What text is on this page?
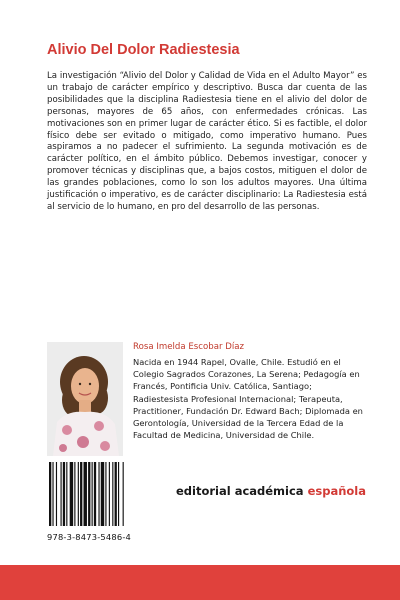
Alivio Del Dolor Radiestesia

La investigación “Alivio del Dolor y Calidad de Vida en el Adulto Mayor” es un trabajo de carácter empírico y descriptivo. Busca dar cuenta de las posibilidades que la disciplina Radiestesia tiene en el alivio del dolor de personas, mayores de 65 años, con enfermedades crónicas. Las motivaciones son en primer lugar de carácter ético. Si es factible, el dolor físico debe ser evitado o mitigado, como imperativo humano. Pues aspiramos a no padecer el sufrimiento. La segunda motivación es de carácter político, en el ámbito público. Debemos investigar, conocer y promover técnicas y disciplinas que, a bajos costos, mitiguen el dolor de las grandes poblaciones, como lo son los adultos mayores. Una última justificación o imperativo, es de carácter disciplinario: La Radiestesia está al servicio de lo humano, en pro del desarrollo de las personas.

Rosa Imelda Escobar Díaz

Nacida en 1944 Rapel, Ovalle, Chile. Estudió en el Colegio Sagrados Corazones, La Serena; Pedagogía en Francés, Pontificia Univ. Católica, Santiago; Radiestesista Profesional Internacional; Terapeuta, Practitioner, Fundación Dr. Edward Bach; Diplomada en Gerontología, Universidad de la Tercera Edad de la Facultad de Medicina, Universidad de Chile.

978-3-8473-5486-4
editorial académica española
